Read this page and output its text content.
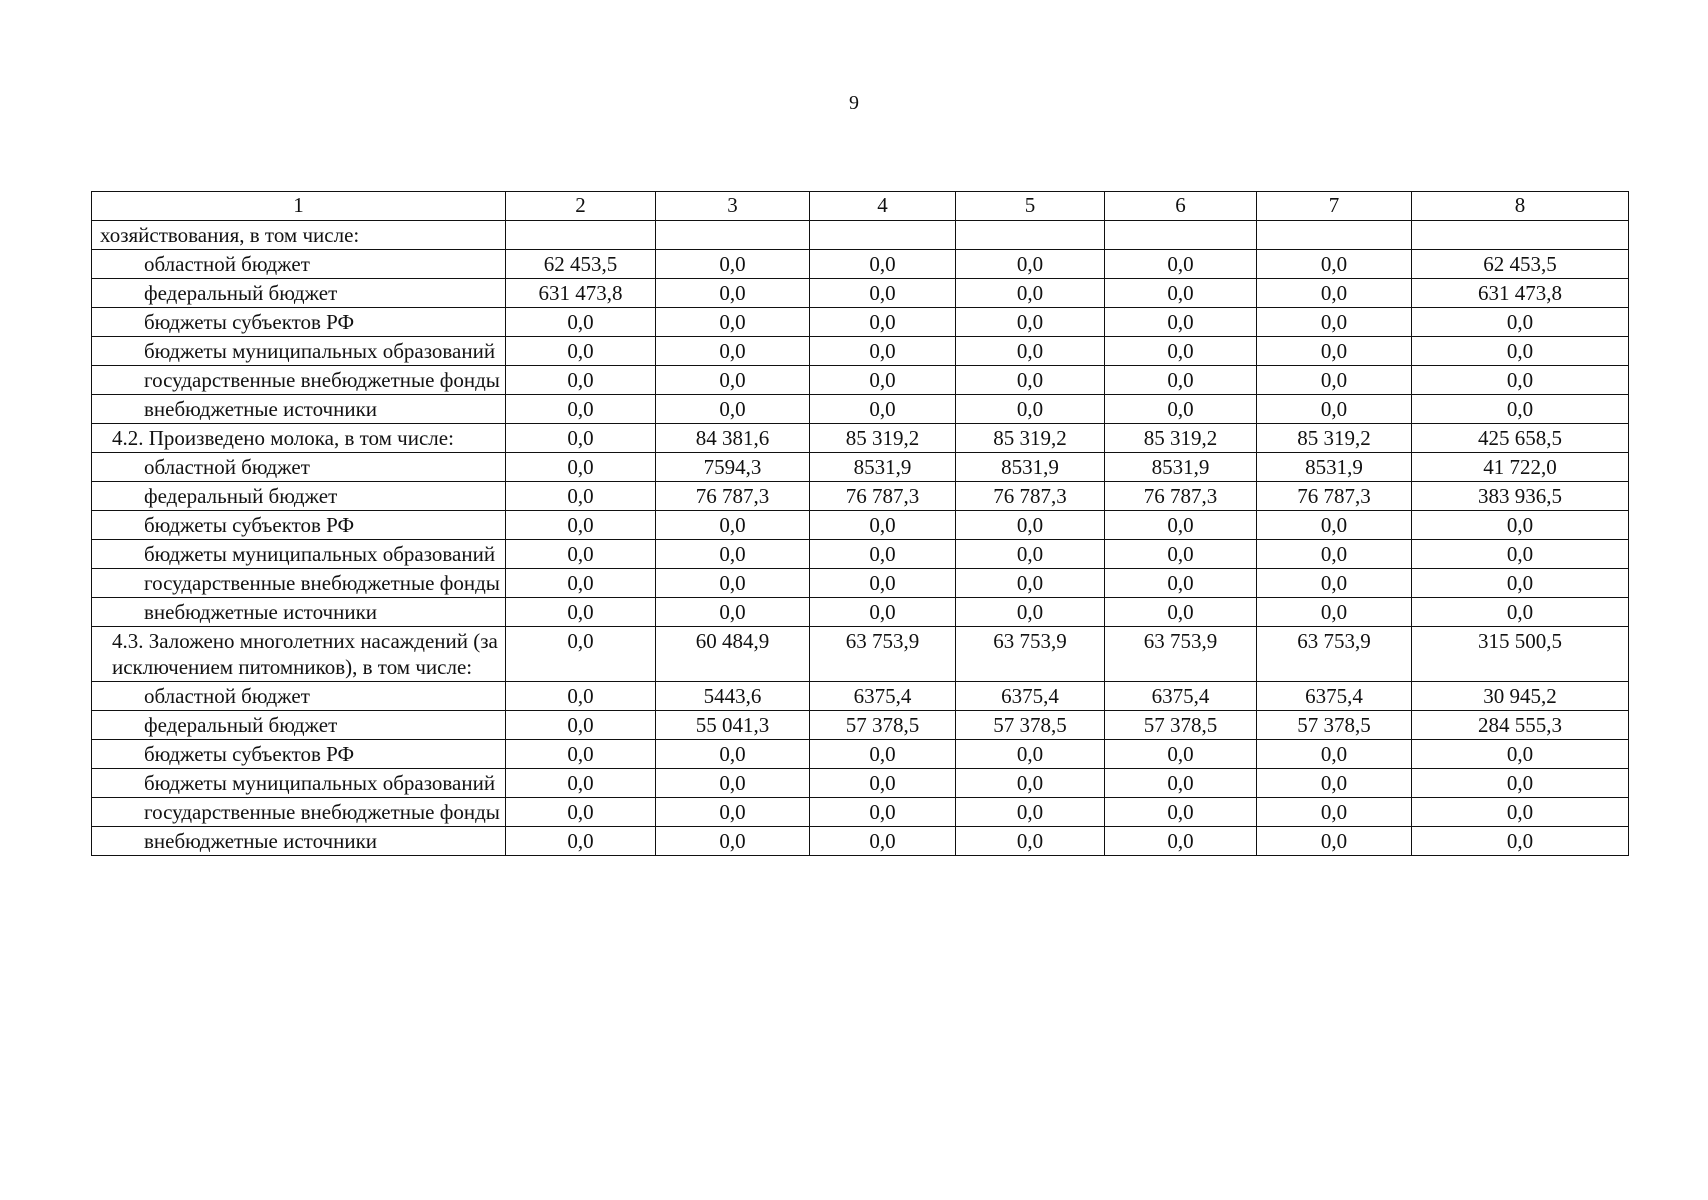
9
1	2	3	4	5	6	7	8

хозяйствования, в том числе:							

областной бюджет	62 453,5	0,0	0,0	0,0	0,0	0,0	62 453,5

федеральный бюджет	631 473,8	0,0	0,0	0,0	0,0	0,0	631 473,8

бюджеты субъектов РФ	0,0	0,0	0,0	0,0	0,0	0,0	0,0

бюджеты муниципальных образований	0,0	0,0	0,0	0,0	0,0	0,0	0,0

государственные внебюджетные фонды	0,0	0,0	0,0	0,0	0,0	0,0	0,0

внебюджетные источники	0,0	0,0	0,0	0,0	0,0	0,0	0,0

4.2. Произведено молока, в том числе:	0,0	84 381,6	85 319,2	85 319,2	85 319,2	85 319,2	425 658,5

областной бюджет	0,0	7594,3	8531,9	8531,9	8531,9	8531,9	41 722,0

федеральный бюджет	0,0	76 787,3	76 787,3	76 787,3	76 787,3	76 787,3	383 936,5

бюджеты субъектов РФ	0,0	0,0	0,0	0,0	0,0	0,0	0,0

бюджеты муниципальных образований	0,0	0,0	0,0	0,0	0,0	0,0	0,0

государственные внебюджетные фонды	0,0	0,0	0,0	0,0	0,0	0,0	0,0

внебюджетные источники	0,0	0,0	0,0	0,0	0,0	0,0	0,0

4.3. Заложено многолетних насаждений (за исключением питомников), в том числе:	0,0	60 484,9	63 753,9	63 753,9	63 753,9	63 753,9	315 500,5

областной бюджет	0,0	5443,6	6375,4	6375,4	6375,4	6375,4	30 945,2

федеральный бюджет	0,0	55 041,3	57 378,5	57 378,5	57 378,5	57 378,5	284 555,3

бюджеты субъектов РФ	0,0	0,0	0,0	0,0	0,0	0,0	0,0

бюджеты муниципальных образований	0,0	0,0	0,0	0,0	0,0	0,0	0,0

государственные внебюджетные фонды	0,0	0,0	0,0	0,0	0,0	0,0	0,0

внебюджетные источники	0,0	0,0	0,0	0,0	0,0	0,0	0,0
